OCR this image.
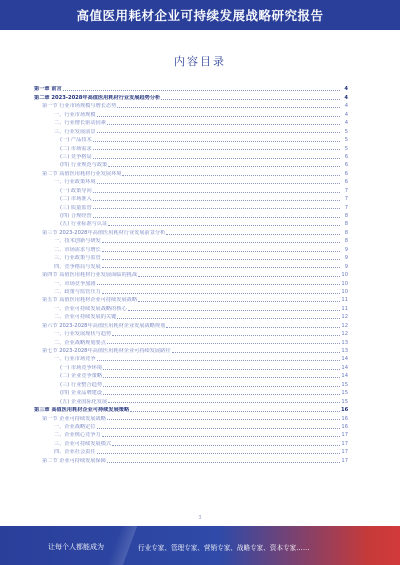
高值医用耗材企业可持续发展战略研究报告
内容目录
第一章 前言	4
第二章 2023-2028年高值医用耗材行业发展趋势分析	4
第一节 行业市场规模与增长态势	4
一、行业市场规模	4
二、行业增长驱动因素	4
三、行业发展前景	5
(一) 产品技术	5
(二) 市场需求	5
(三) 竞争格局	6
(四) 行业规范与政策	6
第二节 高值医用耗材行业发展环境	6
一、行业政策环境	6
(一) 政策导向	7
(二) 市场准入	7
(三) 质量监管	7
(四) 合规经营	8
(五) 行业标准与认证	8
第三节 2023-2028年高值医用耗材行业发展前景分析	8
一、技术创新与研发	8
二、市场需求与增长	9
三、行业政策与监管	9
四、竞争格局与发展	9
第四节 高值医用耗材行业发展面临的挑战	10
一、市场竞争加剧	10
二、政策与监管压力	10
第五节 高值医用耗材企业可持续发展战略	11
一、企业可持续发展战略的核心	11
二、企业可持续发展的关键	12
第六节 2023-2028年高值医用耗材企业发展战略规划	12
一、行业发展现状与趋势	12
二、企业战略规划要点	13
第七节 2023-2028年高值医用耗材企业可持续发展路径	13
一、行业市场竞争	14
(一) 市场竞争环境	14
(二) 企业竞争策略	14
(三) 行业整合趋势	15
(四) 企业品牌建设	15
(五) 企业国际化发展	15
第三章 高值医用耗材企业可持续发展策略	16
第一节 企业可持续发展战略	16
一、企业战略定位	16
二、企业核心竞争力	17
三、企业可持续发展模式	17
四、企业社会责任	17
第二节 企业可持续发展保障	17
3
让每个人都能成为	行业专家、管理专家、营销专家、战略专家、资本专家……
